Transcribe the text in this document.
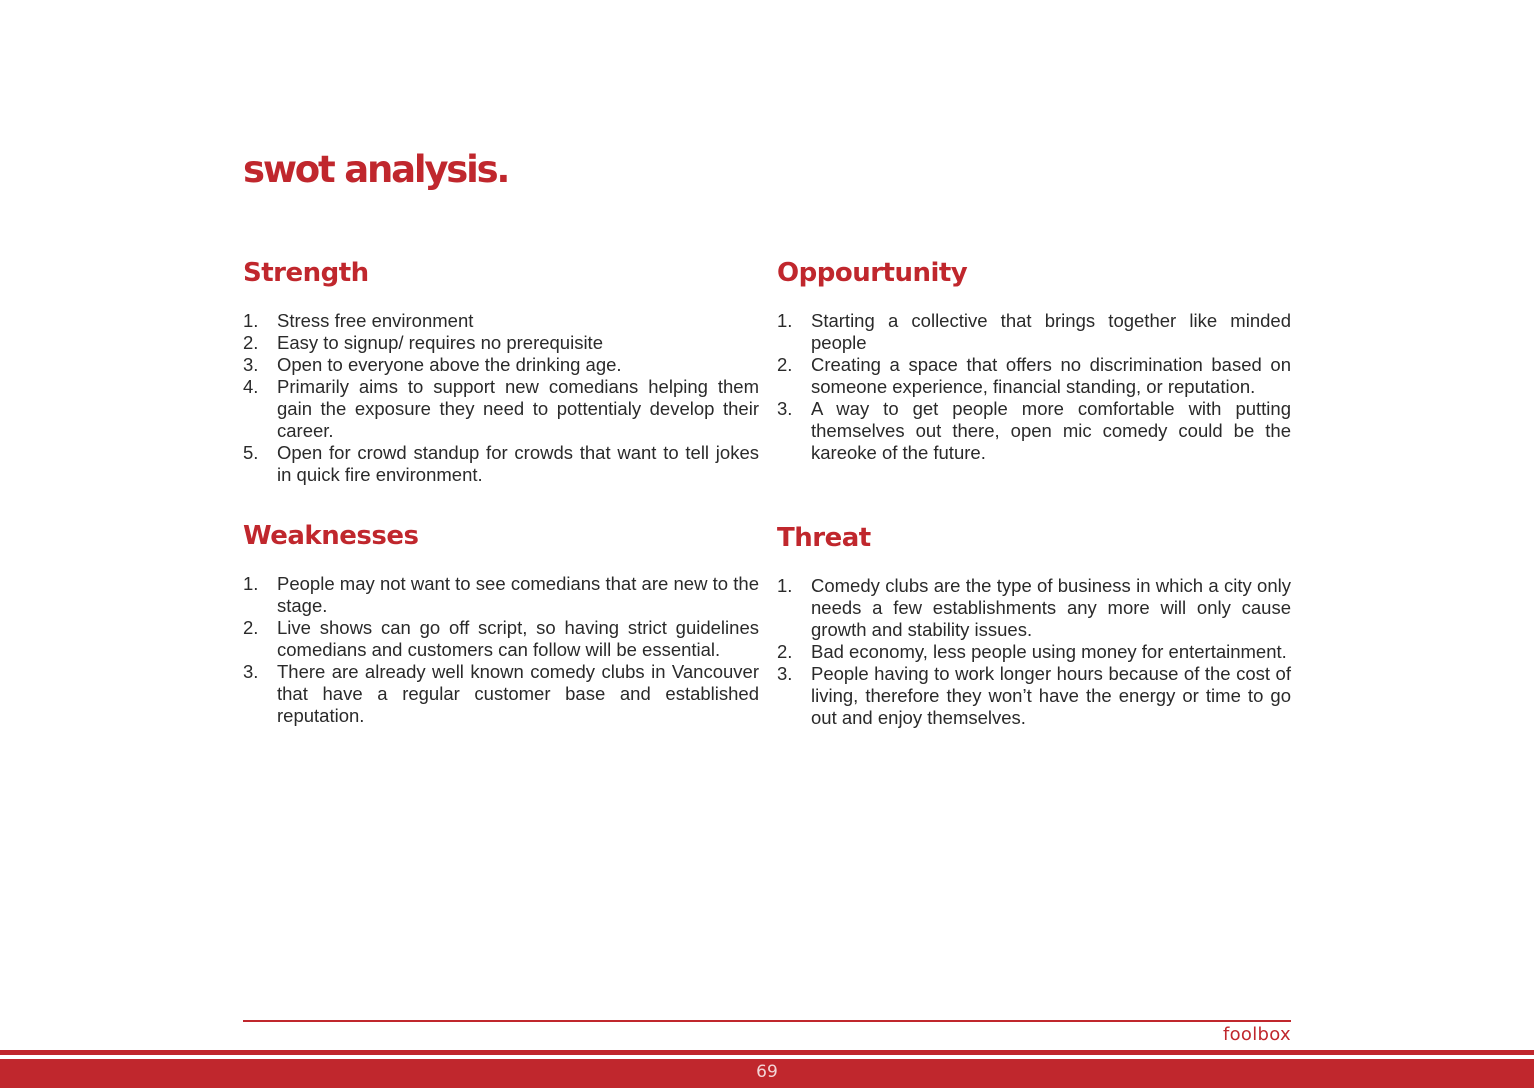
swot analysis.
Strength
1. Stress free environment
2. Easy to signup/ requires no prerequisite
3. Open to everyone above the drinking age.
4. Primarily aims to support new comedians helping them gain the exposure they need to pottentialy develop their career.
5. Open for crowd standup for crowds that want to tell jokes in quick fire environment.
Oppourtunity
1. Starting a collective that brings together like minded people
2. Creating a space that offers no discrimination based on someone experience, financial standing, or reputation.
3. A way to get people more comfortable with putting themselves out there, open mic comedy could be the kareoke of the future.
Weaknesses
1. People may not want to see comedians that are new to the stage.
2. Live shows can go off script, so having strict guidelines comedians and customers can follow will be essential.
3. There are already well known comedy clubs in Vancouver that have a regular customer base and established reputation.
Threat
1. Comedy clubs are the type of business in which a city only needs a few establishments any more will only cause growth and stability issues.
2. Bad economy, less people using money for entertainment.
3. People having to work longer hours because of the cost of living, therefore they won’t have the energy or time to go out and enjoy themselves.
foolbox
69
